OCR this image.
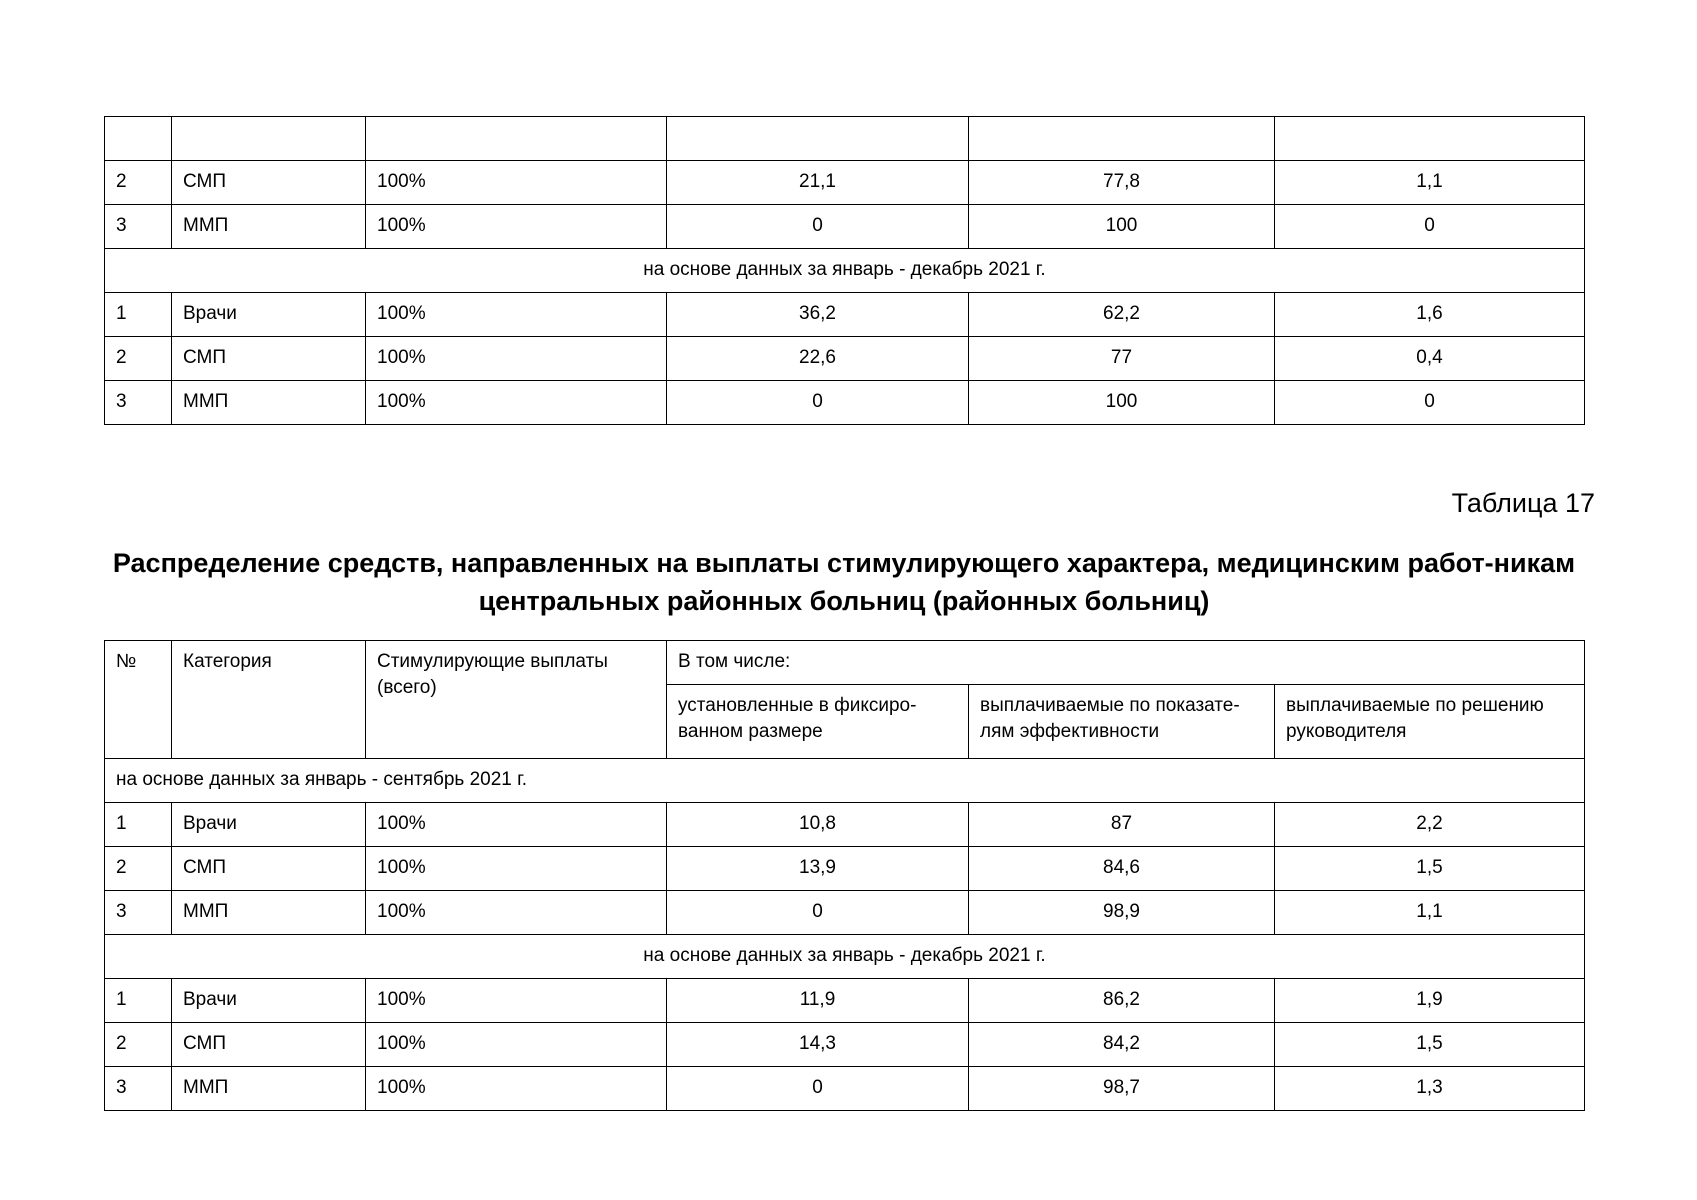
2	СМП	100%	21,1	77,8	1,1
3	ММП	100%	0	100	0
на основе данных за январь - декабрь 2021 г.					
1	Врачи	100%	36,2	62,2	1,6
2	СМП	100%	22,6	77	0,4
3	ММП	100%	0	100	0
Таблица 17
Распределение средств, направленных на выплаты стимулирующего характера, медицинским работ-никам центральных районных больниц (районных больниц)
№	Категория	Стимулирующие выплаты (всего)	В том числе:		
			установленные в фиксиро-ванном размере	выплачиваемые по показате-лям эффективности	выплачиваемые по решению руководителя
на основе данных за январь - сентябрь 2021 г.					
1	Врачи	100%	10,8	87	2,2
2	СМП	100%	13,9	84,6	1,5
3	ММП	100%	0	98,9	1,1
на основе данных за январь - декабрь 2021 г.					
1	Врачи	100%	11,9	86,2	1,9
2	СМП	100%	14,3	84,2	1,5
3	ММП	100%	0	98,7	1,3
